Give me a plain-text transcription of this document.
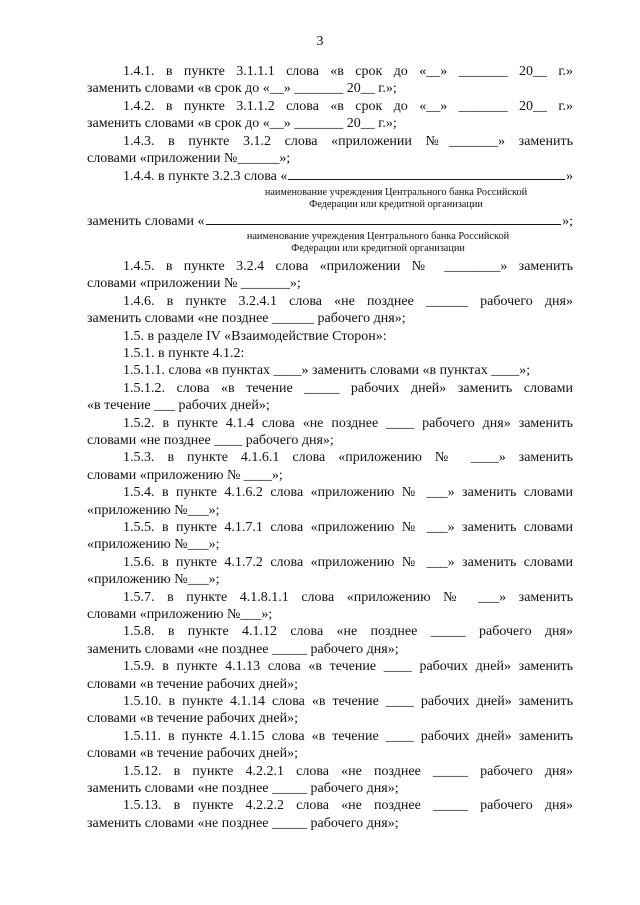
3

1.4.1. в пункте 3.1.1.1 слова «в срок до «__» _______ 20__ г.»

заменить словами «в срок до «__» _______ 20__ г.»;

1.4.2. в пункте 3.1.1.2 слова «в срок до «__» _______ 20__ г.»

заменить словами «в срок до «__» _______ 20__ г.»;

1.4.3. в пункте 3.1.2 слова «приложении №_______» заменить

словами «приложении №______»;

1.4.4. в пункте 3.2.3 слова «	»

наименование учреждения Центрального банка Российской Федерации или кредитной организации

заменить словами «	»;

наименование учреждения Центрального банка Российской Федерации или кредитной организации

1.4.5. в пункте 3.2.4 слова «приложении № ________» заменить

словами «приложении № _______»;

1.4.6. в пункте 3.2.4.1 слова «не позднее ______ рабочего дня»

заменить словами «не позднее ______ рабочего дня»;

1.5. в разделе IV «Взаимодействие Сторон»:

1.5.1. в пункте 4.1.2:

1.5.1.1. слова «в пунктах ____» заменить словами «в пунктах ____»;

1.5.1.2. слова «в течение _____ рабочих дней» заменить словами

«в течение ___ рабочих дней»;

1.5.2. в пункте 4.1.4 слова «не позднее ____ рабочего дня» заменить

словами «не позднее ____ рабочего дня»;

1.5.3. в пункте 4.1.6.1 слова «приложению № ____» заменить

словами «приложению № ____»;

1.5.4. в пункте 4.1.6.2 слова «приложению № ___» заменить словами

«приложению №___»;

1.5.5. в пункте 4.1.7.1 слова «приложению № ___» заменить словами

«приложению №___»;

1.5.6. в пункте 4.1.7.2 слова «приложению № ___» заменить словами

«приложению №___»;

1.5.7. в пункте 4.1.8.1.1 слова «приложению № ___» заменить

словами «приложению №___»;

1.5.8. в пункте 4.1.12 слова «не позднее _____ рабочего дня»

заменить словами «не позднее _____ рабочего дня»;

1.5.9. в пункте 4.1.13 слова «в течение ____ рабочих дней» заменить

словами «в течение рабочих дней»;

1.5.10. в пункте 4.1.14 слова «в течение ____ рабочих дней» заменить

словами «в течение рабочих дней»;

1.5.11. в пункте 4.1.15 слова «в течение ____ рабочих дней» заменить

словами «в течение рабочих дней»;

1.5.12. в пункте 4.2.2.1 слова «не позднее _____ рабочего дня»

заменить словами «не позднее _____ рабочего дня»;

1.5.13. в пункте 4.2.2.2 слова «не позднее _____ рабочего дня»

заменить словами «не позднее _____ рабочего дня»;
